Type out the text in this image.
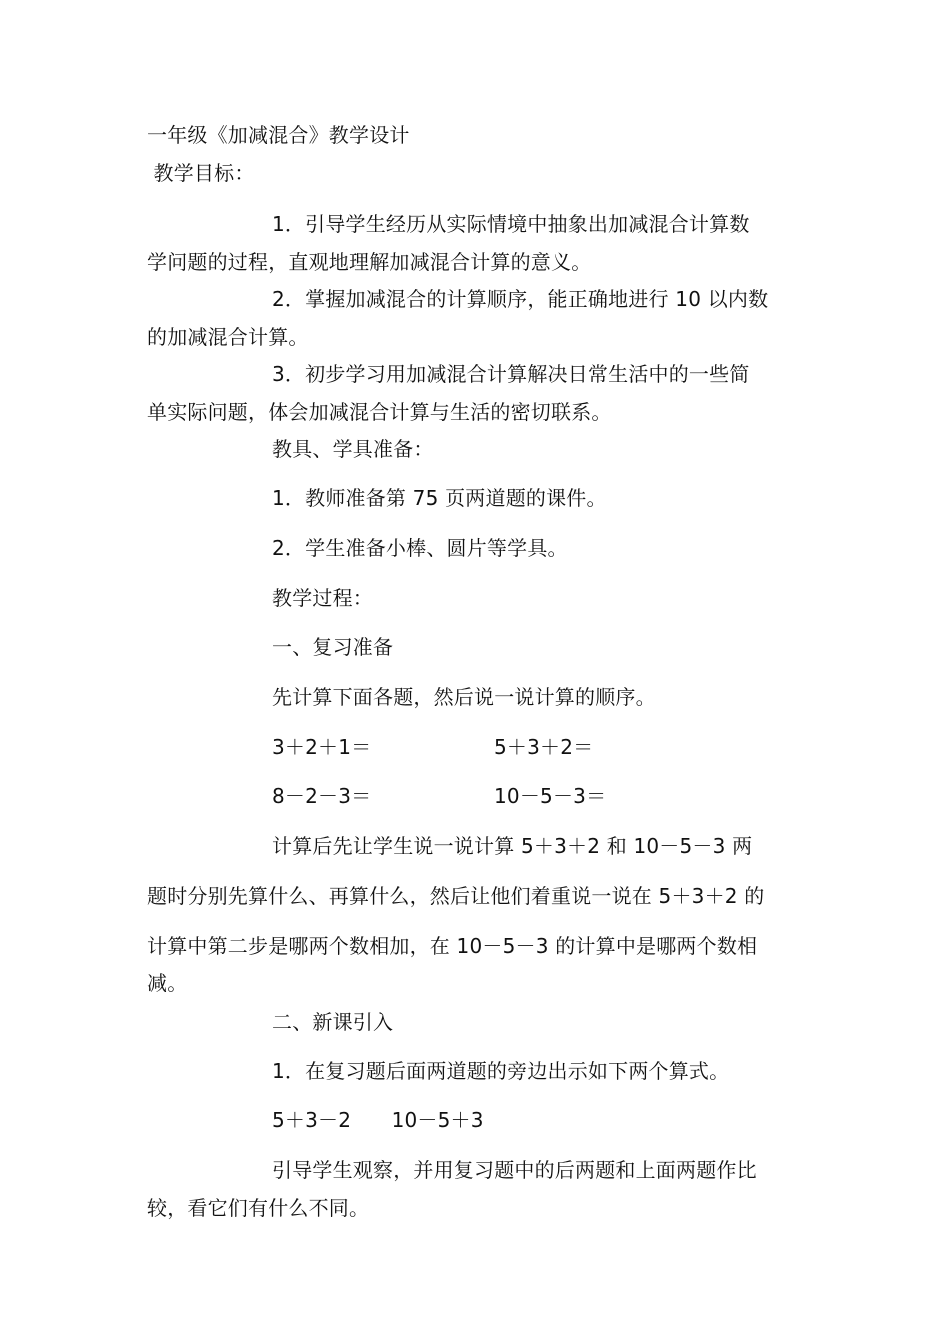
一年级《加减混合》教学设计

教学目标：

1．引导学生经历从实际情境中抽象出加减混合计算数

学问题的过程，直观地理解加减混合计算的意义。

2．掌握加减混合的计算顺序，能正确地进行 10 以内数

的加减混合计算。

3．初步学习用加减混合计算解决日常生活中的一些简

单实际问题，体会加减混合计算与生活的密切联系。

教具、学具准备：

1．教师准备第 75 页两道题的课件。

2．学生准备小棒、圆片等学具。

教学过程：

一、复习准备

先计算下面各题，然后说一说计算的顺序。

3＋2＋1＝	5＋3＋2＝

8－2－3＝	10－5－3＝

计算后先让学生说一说计算 5＋3＋2 和 10－5－3 两

题时分别先算什么、再算什么，然后让他们着重说一说在 5＋3＋2 的

计算中第二步是哪两个数相加，在 10－5－3 的计算中是哪两个数相

减。

二、新课引入

1．在复习题后面两道题的旁边出示如下两个算式。

5＋3－2　　10－5＋3

引导学生观察，并用复习题中的后两题和上面两题作比

较，看它们有什么不同。
